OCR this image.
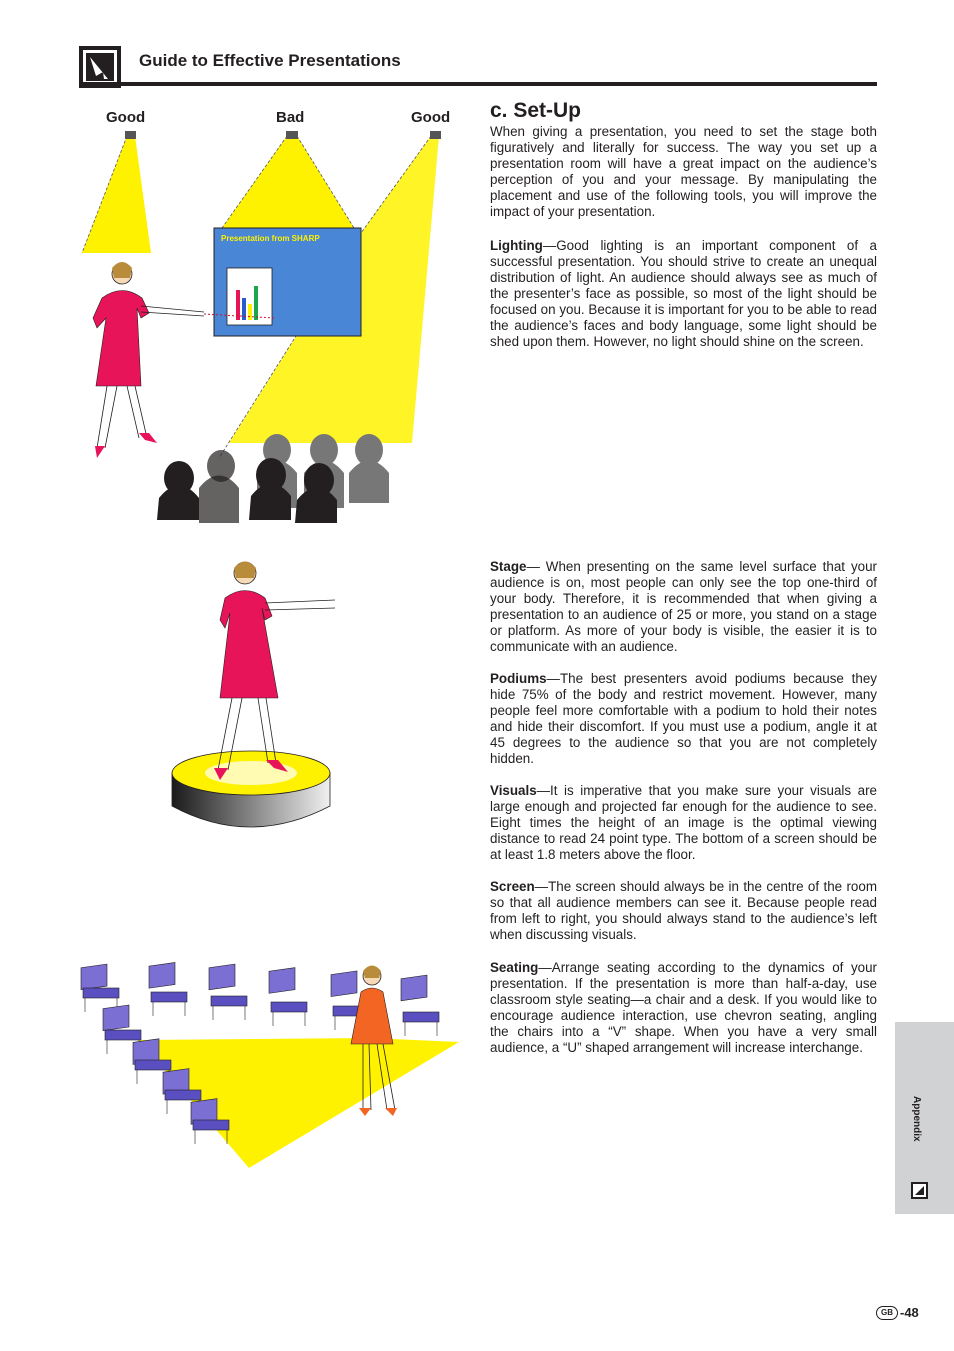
Guide to Effective Presentations
Good	Bad	Good
Presentation from SHARP
c. Set-Up
When giving a presentation, you need to set the stage both figuratively and literally for success. The way you set up a presentation room will have a great impact on the audience’s perception of you and your message. By manipulating the placement and use of the following tools, you will improve the impact of your presentation.
Lighting—Good lighting is an important component of a successful presentation. You should strive to create an unequal distribution of light. An audience should always see as much of the presenter’s face as possible, so most of the light should be focused on you. Because it is important for you to be able to read the audience’s faces and body language, some light should be shed upon them. However, no light should shine on the screen.
Stage— When presenting on the same level surface that your audience is on, most people can only see the top one-third of your body. Therefore, it is recommended that when giving a presentation to an audience of 25 or more, you stand on a stage or platform. As more of your body is visible, the easier it is to communicate with an audience.
Podiums—The best presenters avoid podiums because they hide 75% of the body and restrict movement. However, many people feel more comfortable with a podium to hold their notes and hide their discomfort. If you must use a podium, angle it at 45 degrees to the audience so that you are not completely hidden.
Visuals—It is imperative that you make sure your visuals are large enough and projected far enough for the audience to see. Eight times the height of an image is the optimal viewing distance to read 24 point type. The bottom of a screen should be at least 1.8 meters above the floor.
Screen—The screen should always be in the centre of the room so that all audience members can see it. Because people read from left to right, you should always stand to the audience’s left when discussing visuals.
Seating—Arrange seating according to the dynamics of your presentation. If the presentation is more than half-a-day, use classroom style seating—a chair and a desk. If you would like to encourage audience interaction, use chevron seating, angling the chairs into a “V” shape. When you have a very small audience, a “U” shaped arrangement will increase interchange.
Appendix
GB -48
